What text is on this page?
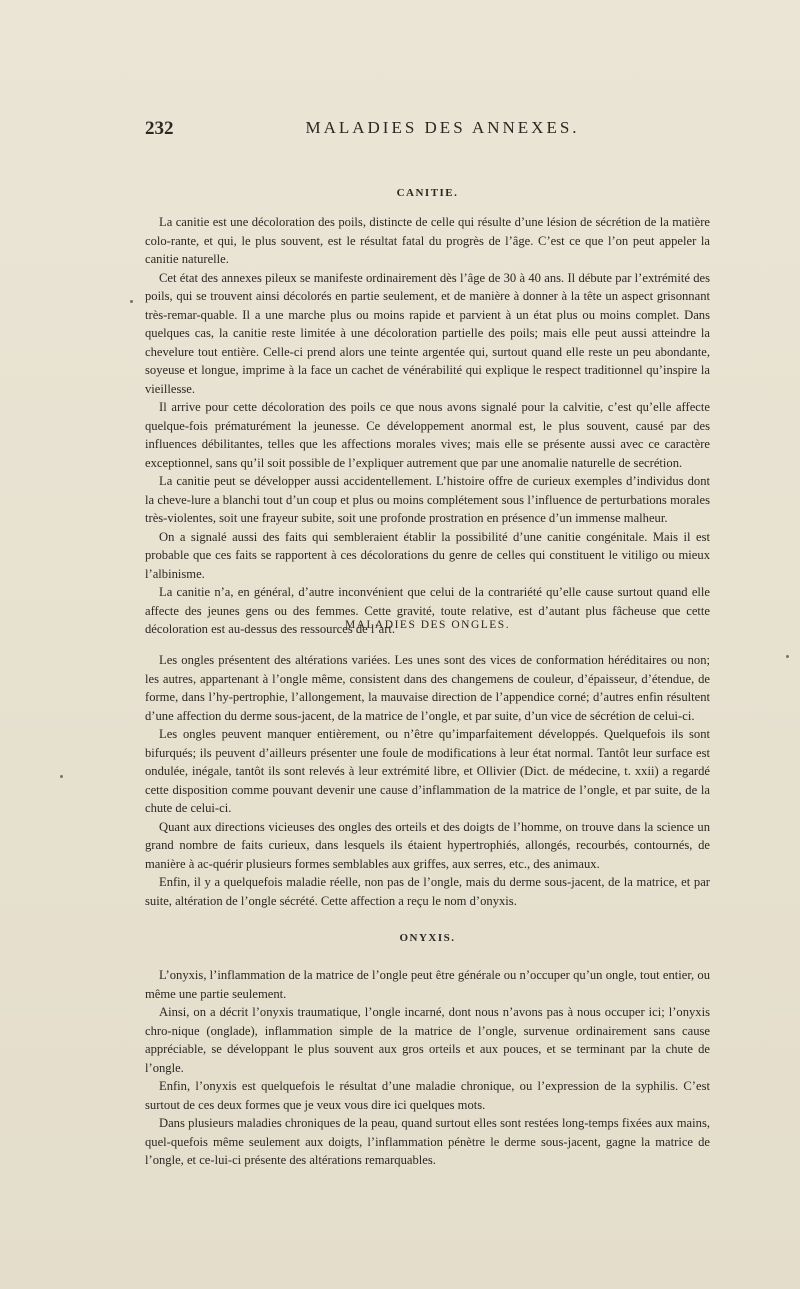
232	MALADIES DES ANNEXES.
CANITIE.

La canitie est une décoloration des poils, distincte de celle qui résulte d’une lésion de sécrétion de la matière colo-rante, et qui, le plus souvent, est le résultat fatal du progrès de l’âge. C’est ce que l’on peut appeler la canitie naturelle.

Cet état des annexes pileux se manifeste ordinairement dès l’âge de 30 à 40 ans. Il débute par l’extrémité des poils, qui se trouvent ainsi décolorés en partie seulement, et de manière à donner à la tête un aspect grisonnant très-remar-quable. Il a une marche plus ou moins rapide et parvient à un état plus ou moins complet. Dans quelques cas, la canitie reste limitée à une décoloration partielle des poils; mais elle peut aussi atteindre la chevelure tout entière. Celle-ci prend alors une teinte argentée qui, surtout quand elle reste un peu abondante, soyeuse et longue, imprime à la face un cachet de vénérabilité qui explique le respect traditionnel qu’inspire la vieillesse.

Il arrive pour cette décoloration des poils ce que nous avons signalé pour la calvitie, c’est qu’elle affecte quelque-fois prématurément la jeunesse. Ce développement anormal est, le plus souvent, causé par des influences débilitantes, telles que les affections morales vives; mais elle se présente aussi avec ce caractère exceptionnel, sans qu’il soit possible de l’expliquer autrement que par une anomalie naturelle de secrétion.

La canitie peut se développer aussi accidentellement. L’histoire offre de curieux exemples d’individus dont la cheve-lure a blanchi tout d’un coup et plus ou moins complétement sous l’influence de perturbations morales très-violentes, soit une frayeur subite, soit une profonde prostration en présence d’un immense malheur.

On a signalé aussi des faits qui sembleraient établir la possibilité d’une canitie congénitale. Mais il est probable que ces faits se rapportent à ces décolorations du genre de celles qui constituent le vitiligo ou mieux l’albinisme.

La canitie n’a, en général, d’autre inconvénient que celui de la contrariété qu’elle cause surtout quand elle affecte des jeunes gens ou des femmes. Cette gravité, toute relative, est d’autant plus fâcheuse que cette décoloration est au-dessus des ressources de l’art.

MALADIES DES ONGLES.

Les ongles présentent des altérations variées. Les unes sont des vices de conformation héréditaires ou non; les autres, appartenant à l’ongle même, consistent dans des changemens de couleur, d’épaisseur, d’étendue, de forme, dans l’hy-pertrophie, l’allongement, la mauvaise direction de l’appendice corné; d’autres enfin résultent d’une affection du derme sous-jacent, de la matrice de l’ongle, et par suite, d’un vice de sécrétion de celui-ci.

Les ongles peuvent manquer entièrement, ou n’être qu’imparfaitement développés. Quelquefois ils sont bifurqués; ils peuvent d’ailleurs présenter une foule de modifications à leur état normal. Tantôt leur surface est ondulée, inégale, tantôt ils sont relevés à leur extrémité libre, et Ollivier (Dict. de médecine, t. xxii) a regardé cette disposition comme pouvant devenir une cause d’inflammation de la matrice de l’ongle, et par suite, de la chute de celui-ci.

Quant aux directions vicieuses des ongles des orteils et des doigts de l’homme, on trouve dans la science un grand nombre de faits curieux, dans lesquels ils étaient hypertrophiés, allongés, recourbés, contournés, de manière à ac-quérir plusieurs formes semblables aux griffes, aux serres, etc., des animaux.

Enfin, il y a quelquefois maladie réelle, non pas de l’ongle, mais du derme sous-jacent, de la matrice, et par suite, altération de l’ongle sécrété. Cette affection a reçu le nom d’onyxis.

ONYXIS.

L’onyxis, l’inflammation de la matrice de l’ongle peut être générale ou n’occuper qu’un ongle, tout entier, ou même une partie seulement.

Ainsi, on a décrit l’onyxis traumatique, l’ongle incarné, dont nous n’avons pas à nous occuper ici; l’onyxis chro-nique (onglade), inflammation simple de la matrice de l’ongle, survenue ordinairement sans cause appréciable, se développant le plus souvent aux gros orteils et aux pouces, et se terminant par la chute de l’ongle.

Enfin, l’onyxis est quelquefois le résultat d’une maladie chronique, ou l’expression de la syphilis. C’est surtout de ces deux formes que je veux vous dire ici quelques mots.

Dans plusieurs maladies chroniques de la peau, quand surtout elles sont restées long-temps fixées aux mains, quel-quefois même seulement aux doigts, l’inflammation pénètre le derme sous-jacent, gagne la matrice de l’ongle, et ce-lui-ci présente des altérations remarquables.
